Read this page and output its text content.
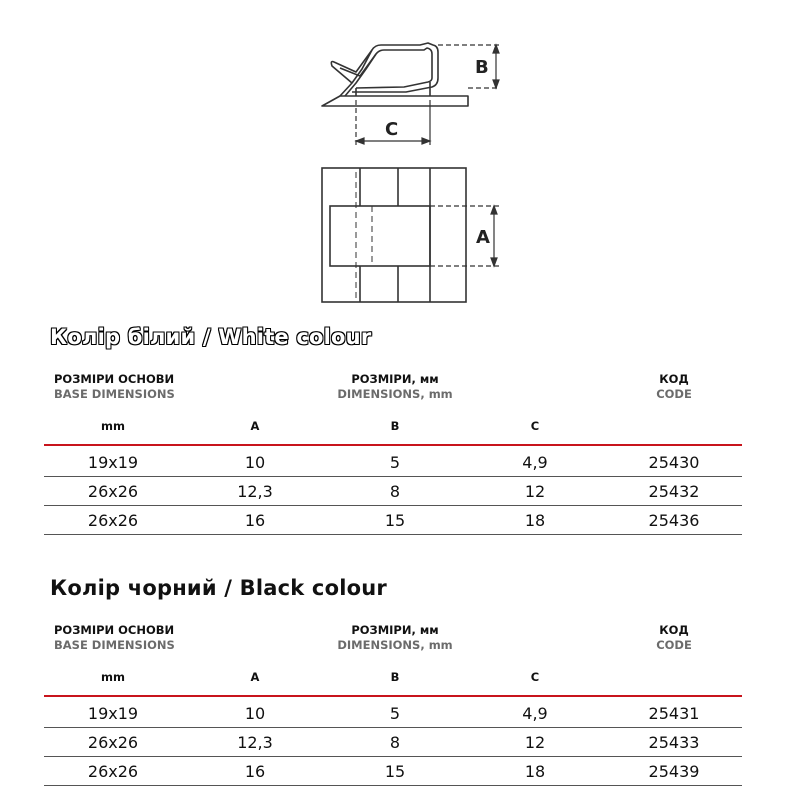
B
C
A
Колір білий / White colour
РОЗМІРИ ОСНОВИ
BASE DIMENSIONS
РОЗМІРИ, мм
DIMENSIONS, mm
КОД
CODE
mm	A	B	C
19x19	10	5	4,9	25430
26x26	12,3	8	12	25432
26x26	16	15	18	25436
Колір чорний / Black colour
РОЗМІРИ ОСНОВИ
BASE DIMENSIONS
РОЗМІРИ, мм
DIMENSIONS, mm
КОД
CODE
mm	A	B	C
19x19	10	5	4,9	25431
26x26	12,3	8	12	25433
26x26	16	15	18	25439
